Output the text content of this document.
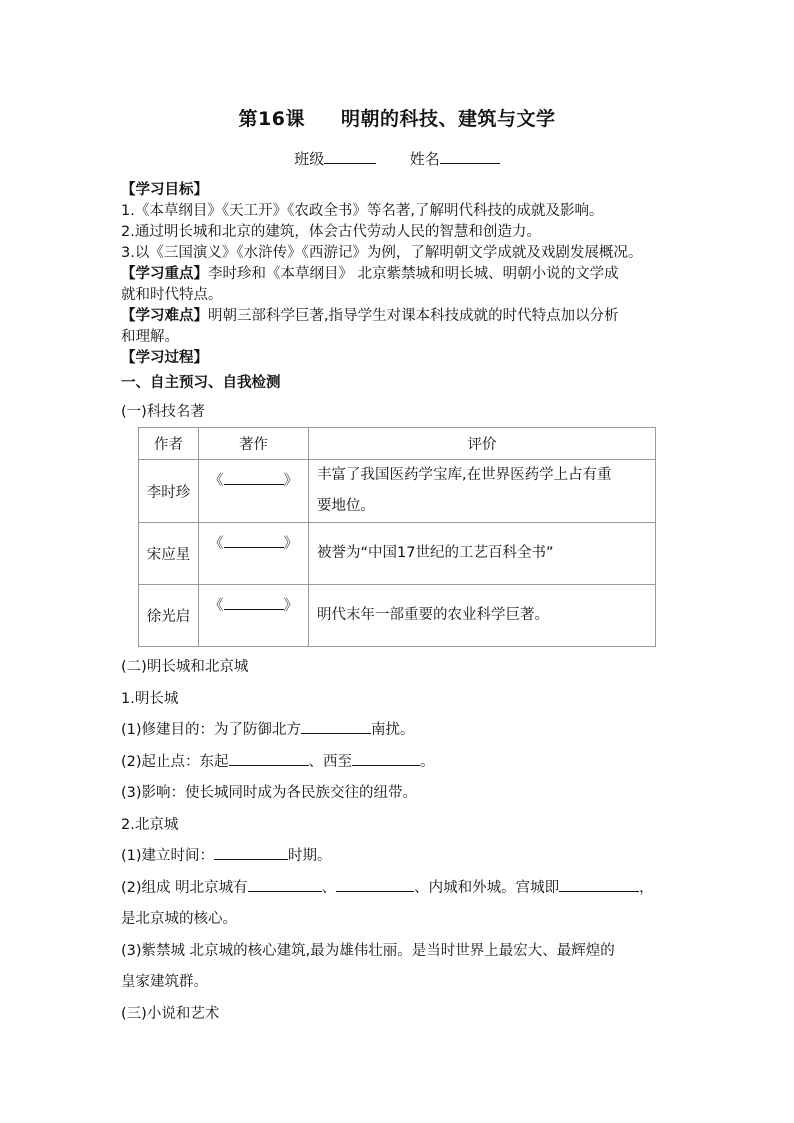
第16课 明朝的科技、建筑与文学
班级	姓名
【学习目标】
1.《本草纲目》《天工开》《农政全书》等名著,了解明代科技的成就及影响。
2.通过明长城和北京的建筑，体会古代劳动人民的智慧和创造力。
3.以《三国演义》《水浒传》《西游记》为例，了解明朝文学成就及戏剧发展概况。
【学习重点】李时珍和《本草纲目》 北京紫禁城和明长城、明朝小说的文学成
就和时代特点。
【学习难点】明朝三部科学巨著,指导学生对课本科技成就的时代特点加以分析
和理解。
【学习过程】
一、自主预习、自我检测
(一)科技名著
作者	著作	评价
李时珍	《 》	丰富了我国医药学宝库,在世界医药学上占有重
要地位。

宋应星	《 》	被誉为“中国17世纪的工艺百科全书”

徐光启	《 》	明代末年一部重要的农业科学巨著。
(二)明长城和北京城
1.明长城
(1)修建目的：为了防御北方	南扰。
(2)起止点：东起	、西至	。
(3)影响：使长城同时成为各民族交往的纽带。
2.北京城
(1)建立时间：	时期。
(2)组成 明北京城有	、	、内城和外城。宫城即	，
是北京城的核心。
(3)紫禁城 北京城的核心建筑,最为雄伟壮丽。是当时世界上最宏大、最辉煌的
皇家建筑群。
(三)小说和艺术
